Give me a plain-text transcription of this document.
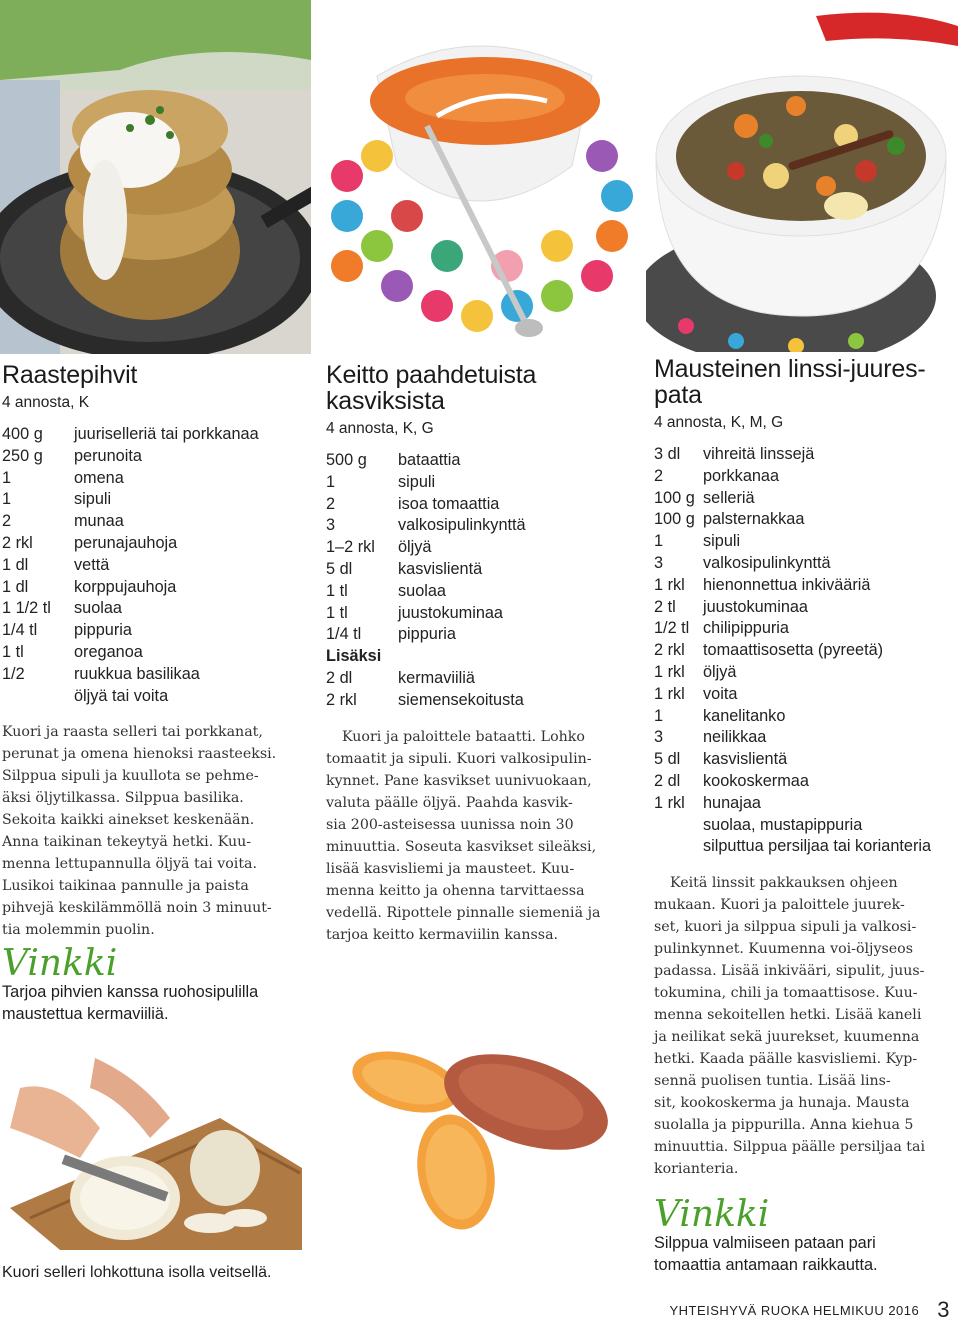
Raastepihvit
4 annosta, K
400 g	juuriselleriä tai porkkanaa
250 g	perunoita
1	omena
1	sipuli
2	munaa
2 rkl	perunajauhoja
1 dl	vettä
1 dl	korppujauhoja
1 1/2 tl	suolaa
1/4 tl	pippuria
1 tl	oreganoa
1/2	ruukkua basilikaa
	öljyä tai voita
Kuori ja raasta selleri tai porkkanat,
perunat ja omena hienoksi raasteeksi.
Silppua sipuli ja kuullota se pehme-
äksi öljytilkassa. Silppua basilika.
Sekoita kaikki ainekset keskenään.
Anna taikinan tekeytyä hetki. Kuu-
menna lettupannulla öljyä tai voita.
Lusikoi taikinaa pannulle ja paista
pihvejä keskilämmöllä noin 3 minuut-
tia molemmin puolin.
Vinkki
Tarjoa pihvien kanssa ruohosipulilla
maustettua kermaviiliä.
Kuori selleri lohkottuna isolla veitsellä.
Keitto paahdetuista
kasviksista
4 annosta, K, G
500 g	bataattia
1	sipuli
2	isoa tomaattia
3	valkosipulinkynttä
1–2 rkl	öljyä
5 dl	kasvislientä
1 tl	suolaa
1 tl	juustokuminaa
1/4 tl	pippuria
Lisäksi	
2 dl	kermaviiliä
2 rkl	siemensekoitusta
Kuori ja paloittele bataatti. Lohko
tomaatit ja sipuli. Kuori valkosipulin-
kynnet. Pane kasvikset uunivuokaan,
valuta päälle öljyä. Paahda kasvik-
sia 200-asteisessa uunissa noin 30
minuuttia. Soseuta kasvikset sileäksi,
lisää kasvisliemi ja mausteet. Kuu-
menna keitto ja ohenna tarvittaessa
vedellä. Ripottele pinnalle siemeniä ja
tarjoa keitto kermaviilin kanssa.
Mausteinen linssi-juures-
pata
4 annosta, K, M, G
3 dl	vihreitä linssejä
2	porkkanaa
100 g	selleriä
100 g	palsternakkaa
1	sipuli
3	valkosipulinkynttä
1 rkl	hienonnettua inkivääriä
2 tl	juustokuminaa
1/2 tl	chilipippuria
2 rkl	tomaattisosetta (pyreetä)
1 rkl	öljyä
1 rkl	voita
1	kanelitanko
3	neilikkaa
5 dl	kasvislientä
2 dl	kookoskermaa
1 rkl	hunajaa
	suolaa, mustapippuria
	silputtua persiljaa tai korianteria
Keitä linssit pakkauksen ohjeen
mukaan. Kuori ja paloittele juurek-
set, kuori ja silppua sipuli ja valkosi-
pulinkynnet. Kuumenna voi-öljyseos
padassa. Lisää inkivääri, sipulit, juus-
tokumina, chili ja tomaattisose. Kuu-
menna sekoitellen hetki. Lisää kaneli
ja neilikat sekä juurekset, kuumenna
hetki. Kaada päälle kasvisliemi. Kyp-
sennä puolisen tuntia. Lisää lins-
sit, kookoskerma ja hunaja. Mausta
suolalla ja pippurilla. Anna kiehua 5
minuuttia. Silppua päälle persiljaa tai
korianteria.
Vinkki
Silppua valmiiseen pataan pari
tomaattia antamaan raikkautta.
YHTEISHYVÄ RUOKA HELMIKUU 2016 3
